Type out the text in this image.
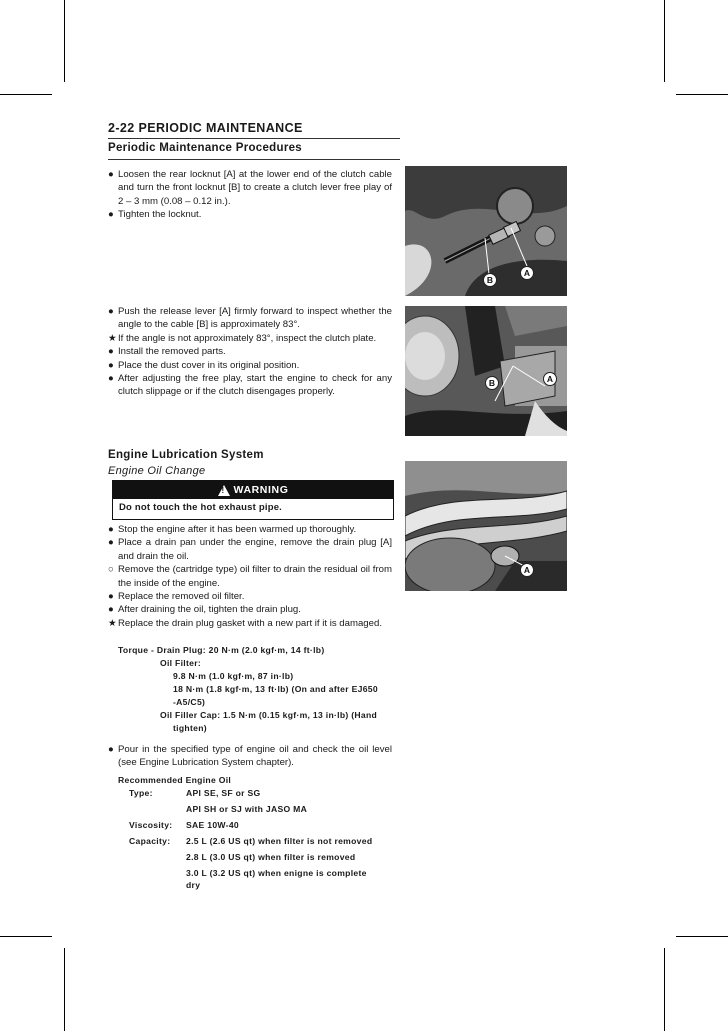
2-22 PERIODIC MAINTENANCE
Periodic Maintenance Procedures
● Loosen the rear locknut [A] at the lower end of the clutch cable and turn the front locknut [B] to create a clutch lever free play of 2 – 3 mm (0.08 – 0.12 in.).
● Tighten the locknut.
● Push the release lever [A] firmly forward to inspect whether the angle to the cable [B] is approximately 83°.
★ If the angle is not approximately 83°, inspect the clutch plate.
● Install the removed parts.
● Place the dust cover in its original position.
● After adjusting the free play, start the engine to check for any clutch slippage or if the clutch disengages properly.
Engine Lubrication System
Engine Oil Change
!
WARNING
Do not touch the hot exhaust pipe.
● Stop the engine after it has been warmed up thoroughly.
● Place a drain pan under the engine, remove the drain plug [A] and drain the oil.
○ Remove the (cartridge type) oil filter to drain the residual oil from the inside of the engine.
● Replace the removed oil filter.
● After draining the oil, tighten the drain plug.
★ Replace the drain plug gasket with a new part if it is damaged.
Torque - Drain Plug: 20 N·m (2.0 kgf·m, 14 ft·lb)
Oil Filter:
9.8 N·m (1.0 kgf·m, 87 in·lb)
18 N·m (1.8 kgf·m, 13 ft·lb) (On and after EJ650
-A5/C5)
Oil Filler Cap: 1.5 N·m (0.15 kgf·m, 13 in·lb) (Hand
tighten)
● Pour in the specified type of engine oil and check the oil level (see Engine Lubrication System chapter).
Recommended Engine Oil
Type:	API SE, SF or SG
API SH or SJ with JASO MA
Viscosity: SAE 10W-40
Capacity: 2.5 L (2.6 US qt) when filter is not removed
2.8 L (3.0 US qt) when filter is removed
3.0 L (3.2 US qt) when enigne is complete
dry
B
A
B	A
A
